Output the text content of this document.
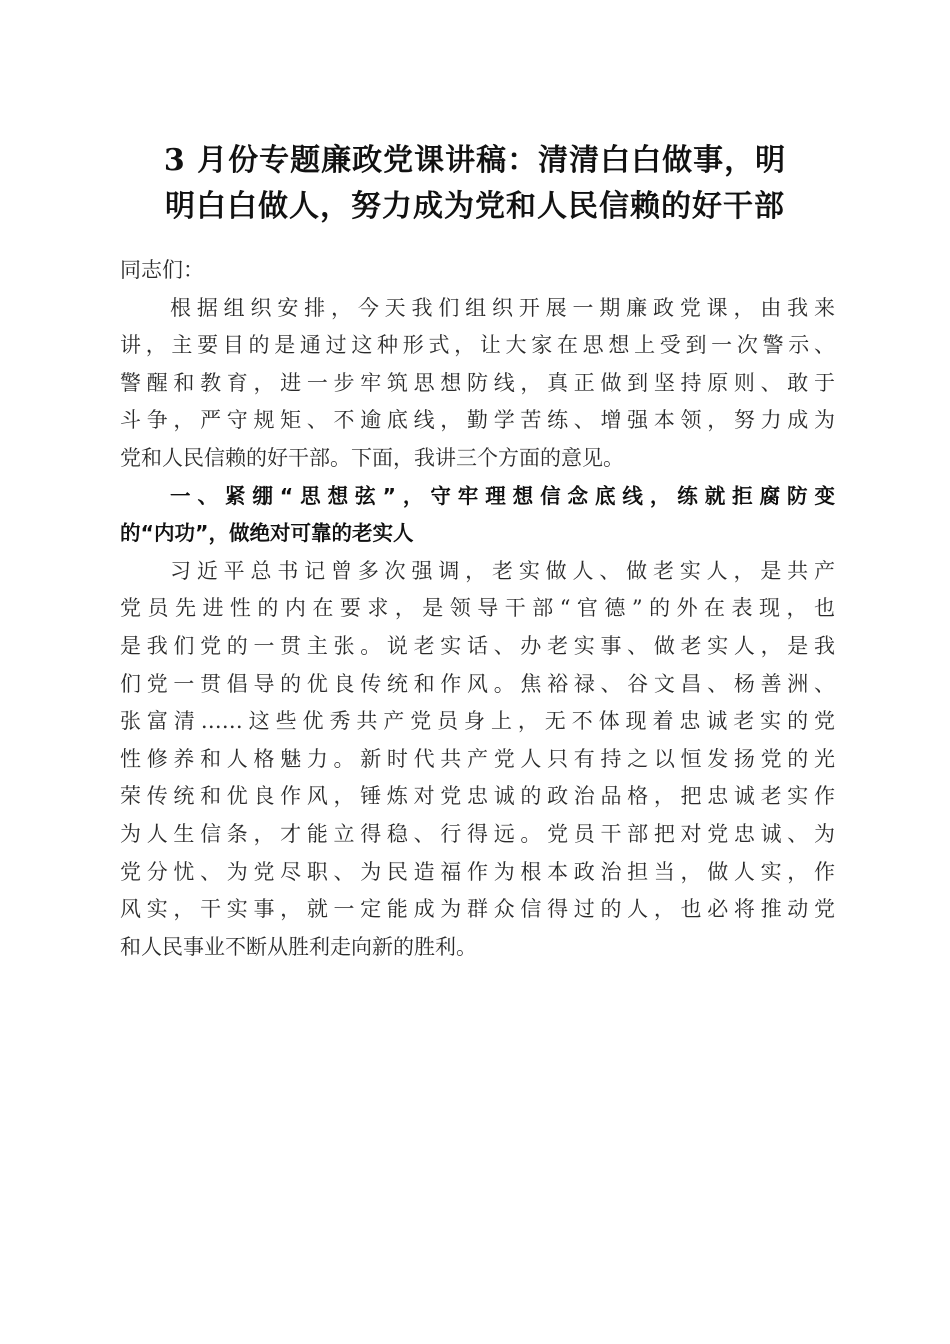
3 月份专题廉政党课讲稿：清清白白做事，明
明白白做人，努力成为党和人民信赖的好干部
同志们：
根据组织安排，今天我们组织开展一期廉政党课，由我来
讲，主要目的是通过这种形式，让大家在思想上受到一次警示、
警醒和教育，进一步牢筑思想防线，真正做到坚持原则、敢于
斗争，严守规矩、不逾底线，勤学苦练、增强本领，努力成为
党和人民信赖的好干部。下面，我讲三个方面的意见。
一、紧绷“思想弦”，守牢理想信念底线，练就拒腐防变
的“内功”，做绝对可靠的老实人
习近平总书记曾多次强调，老实做人、做老实人，是共产
党员先进性的内在要求，是领导干部“官德”的外在表现，也
是我们党的一贯主张。说老实话、办老实事、做老实人，是我
们党一贯倡导的优良传统和作风。焦裕禄、谷文昌、杨善洲、
张富清……这些优秀共产党员身上，无不体现着忠诚老实的党
性修养和人格魅力。新时代共产党人只有持之以恒发扬党的光
荣传统和优良作风，锤炼对党忠诚的政治品格，把忠诚老实作
为人生信条，才能立得稳、行得远。党员干部把对党忠诚、为
党分忧、为党尽职、为民造福作为根本政治担当，做人实，作
风实，干实事，就一定能成为群众信得过的人，也必将推动党
和人民事业不断从胜利走向新的胜利。
